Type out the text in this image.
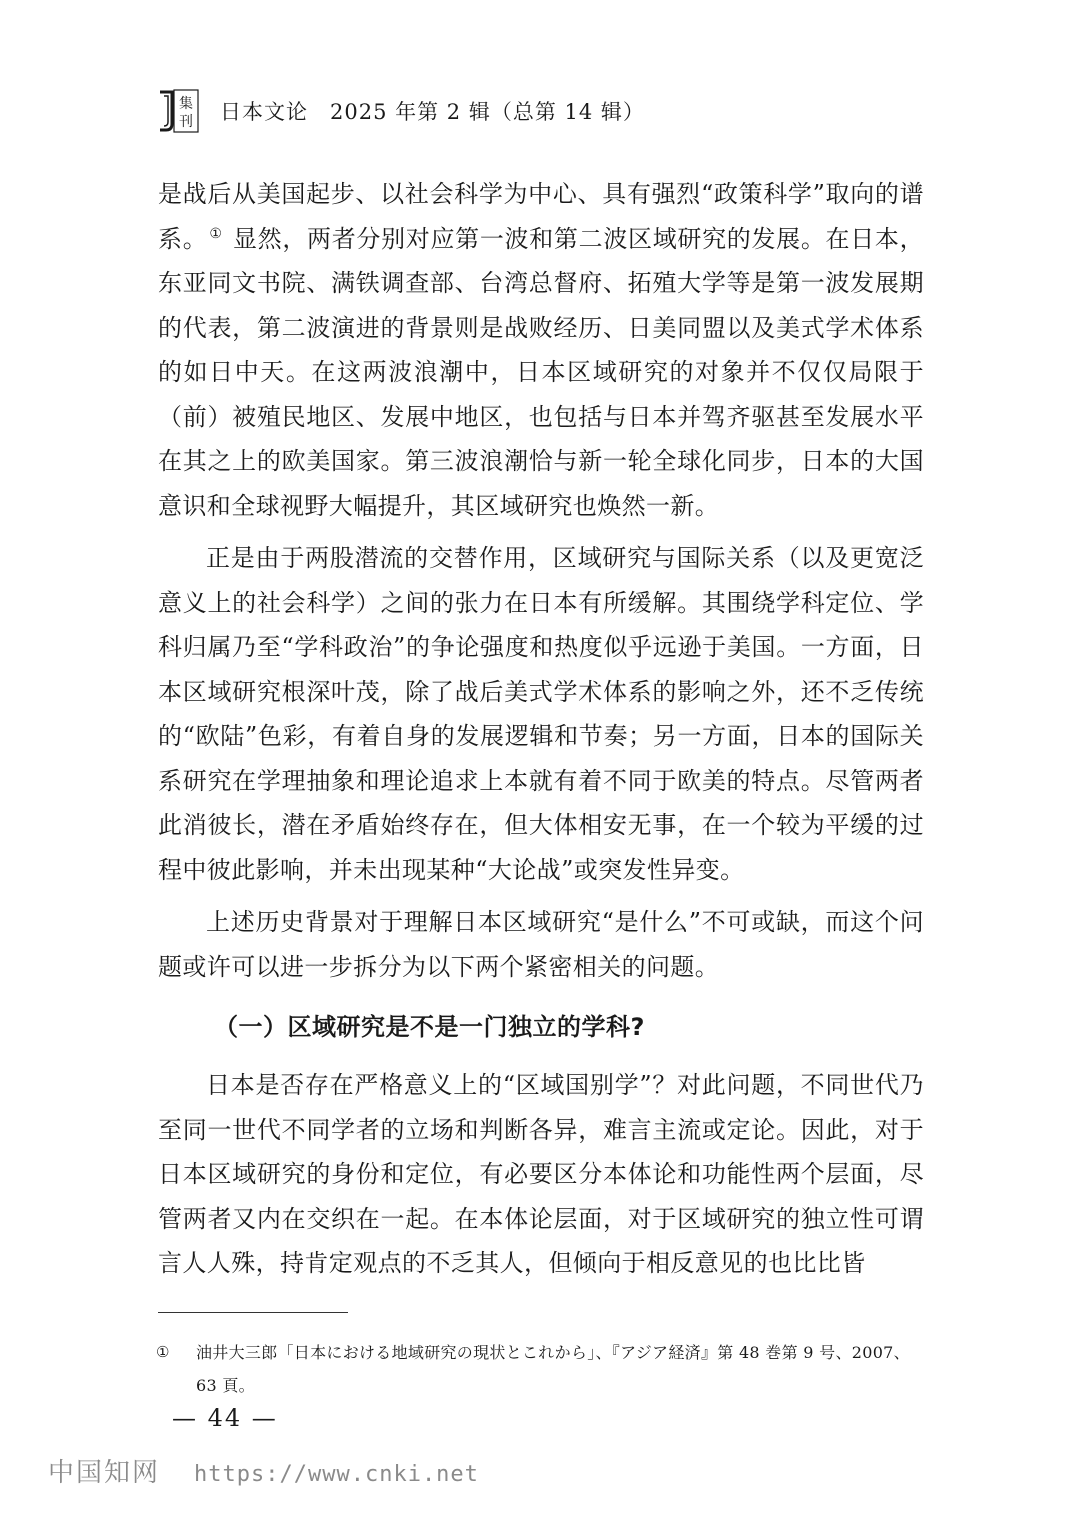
集
刊 日本文论　2025 年第 2 辑（总第 14 辑）

是战后从美国起步、以社会科学为中心、具有强烈“政策科学”取向的谱系。 ① 显然，两者分别对应第一波和第二波区域研究的发展。在日本，东亚同文书院、满铁调查部、台湾总督府、拓殖大学等是第一波发展期的代表，第二波演进的背景则是战败经历、日美同盟以及美式学术体系的如日中天。在这两波浪潮中，日本区域研究的对象并不仅仅局限于（前）被殖民地区、发展中地区，也包括与日本并驾齐驱甚至发展水平在其之上的欧美国家。第三波浪潮恰与新一轮全球化同步，日本的大国意识和全球视野大幅提升，其区域研究也焕然一新。

正是由于两股潜流的交替作用，区域研究与国际关系（以及更宽泛意义上的社会科学）之间的张力在日本有所缓解。其围绕学科定位、学科归属乃至“学科政治”的争论强度和热度似乎远逊于美国。一方面，日本区域研究根深叶茂，除了战后美式学术体系的影响之外，还不乏传统的“欧陆”色彩，有着自身的发展逻辑和节奏；另一方面，日本的国际关系研究在学理抽象和理论追求上本就有着不同于欧美的特点。尽管两者此消彼长，潜在矛盾始终存在，但大体相安无事，在一个较为平缓的过程中彼此影响，并未出现某种“大论战”或突发性异变。

上述历史背景对于理解日本区域研究“是什么”不可或缺，而这个问题或许可以进一步拆分为以下两个紧密相关的问题。

（一）区域研究是不是一门独立的学科?

日本是否存在严格意义上的“区域国别学”？对此问题，不同世代乃至同一世代不同学者的立场和判断各异，难言主流或定论。因此，对于日本区域研究的身份和定位，有必要区分本体论和功能性两个层面，尽管两者又内在交织在一起。在本体论层面，对于区域研究的独立性可谓言人人殊，持肯定观点的不乏其人，但倾向于相反意见的也比比皆

① 油井大三郎「日本における地域研究の現状とこれから」、『アジア経済』第 48 巻第 9 号、2007、63 頁。
— 44 —
中国知网 https://www.cnki.net
